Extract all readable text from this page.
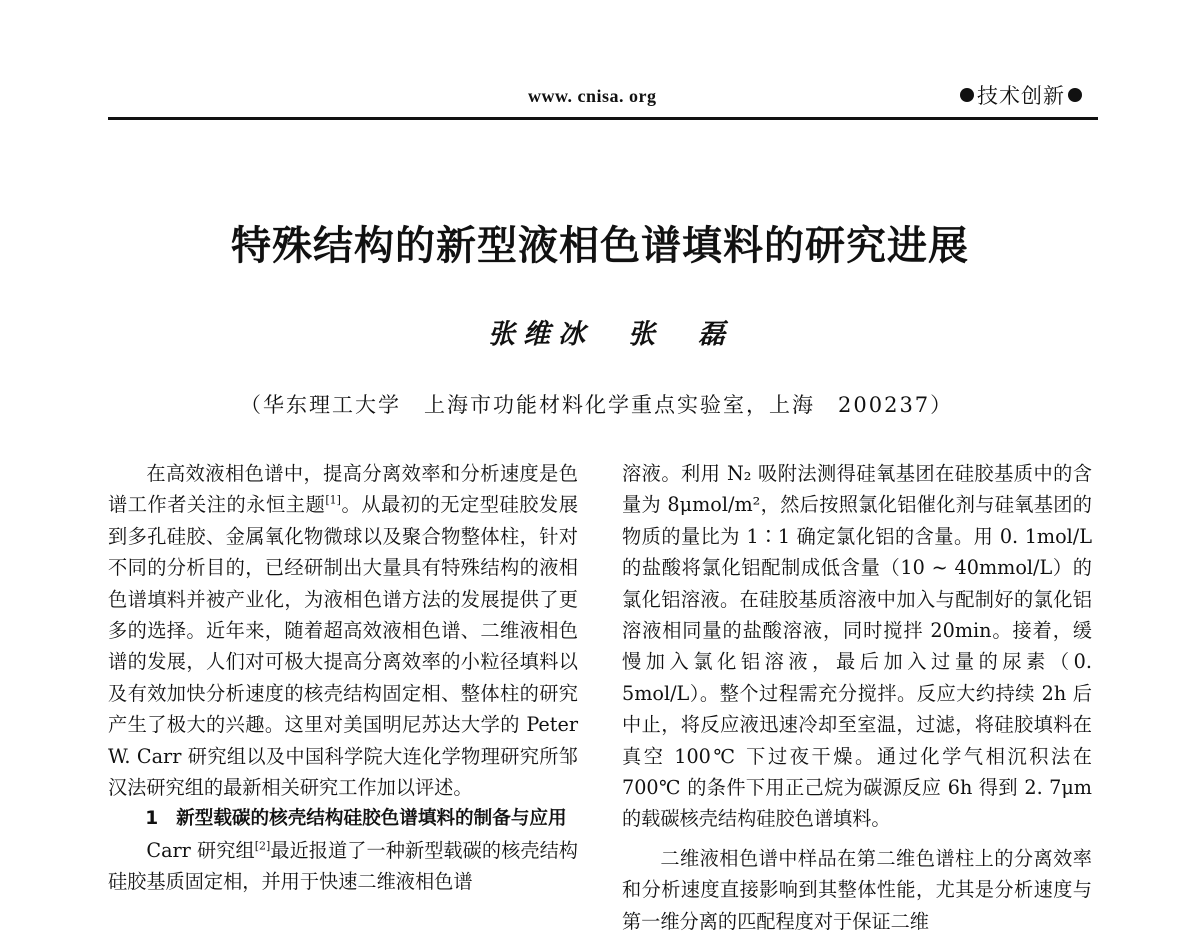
www. cnisa. org	技术创新
特殊结构的新型液相色谱填料的研究进展
张维冰　张　磊
（华东理工大学　上海市功能材料化学重点实验室，上海　200237）

在高效液相色谱中，提高分离效率和分析速度是色谱工作者关注的永恒主题[1]。从最初的无定型硅胶发展到多孔硅胶、金属氧化物微球以及聚合物整体柱，针对不同的分析目的，已经研制出大量具有特殊结构的液相色谱填料并被产业化，为液相色谱方法的发展提供了更多的选择。近年来，随着超高效液相色谱、二维液相色谱的发展，人们对可极大提高分离效率的小粒径填料以及有效加快分析速度的核壳结构固定相、整体柱的研究产生了极大的兴趣。这里对美国明尼苏达大学的 Peter W. Carr 研究组以及中国科学院大连化学物理研究所邹汉法研究组的最新相关研究工作加以评述。

1 新型载碳的核壳结构硅胶色谱填料的制备与应用

Carr 研究组[2]最近报道了一种新型载碳的核壳结构硅胶基质固定相，并用于快速二维液相色谱

溶液。利用 N₂ 吸附法测得硅氧基团在硅胶基质中的含量为 8μmol/m²，然后按照氯化铝催化剂与硅氧基团的物质的量比为 1∶1 确定氯化铝的含量。用 0. 1mol/L 的盐酸将氯化铝配制成低含量（10 ~ 40mmol/L）的氯化铝溶液。在硅胶基质溶液中加入与配制好的氯化铝溶液相同量的盐酸溶液，同时搅拌 20min。接着，缓慢加入氯化铝溶液，最后加入过量的尿素（0. 5mol/L）。整个过程需充分搅拌。反应大约持续 2h 后中止，将反应液迅速冷却至室温，过滤，将硅胶填料在真空 100℃ 下过夜干燥。通过化学气相沉积法在 700℃ 的条件下用正己烷为碳源反应 6h 得到 2. 7μm 的载碳核壳结构硅胶色谱填料。

二维液相色谱中样品在第二维色谱柱上的分离效率和分析速度直接影响到其整体性能，尤其是分析速度与第一维分离的匹配程度对于保证二维
